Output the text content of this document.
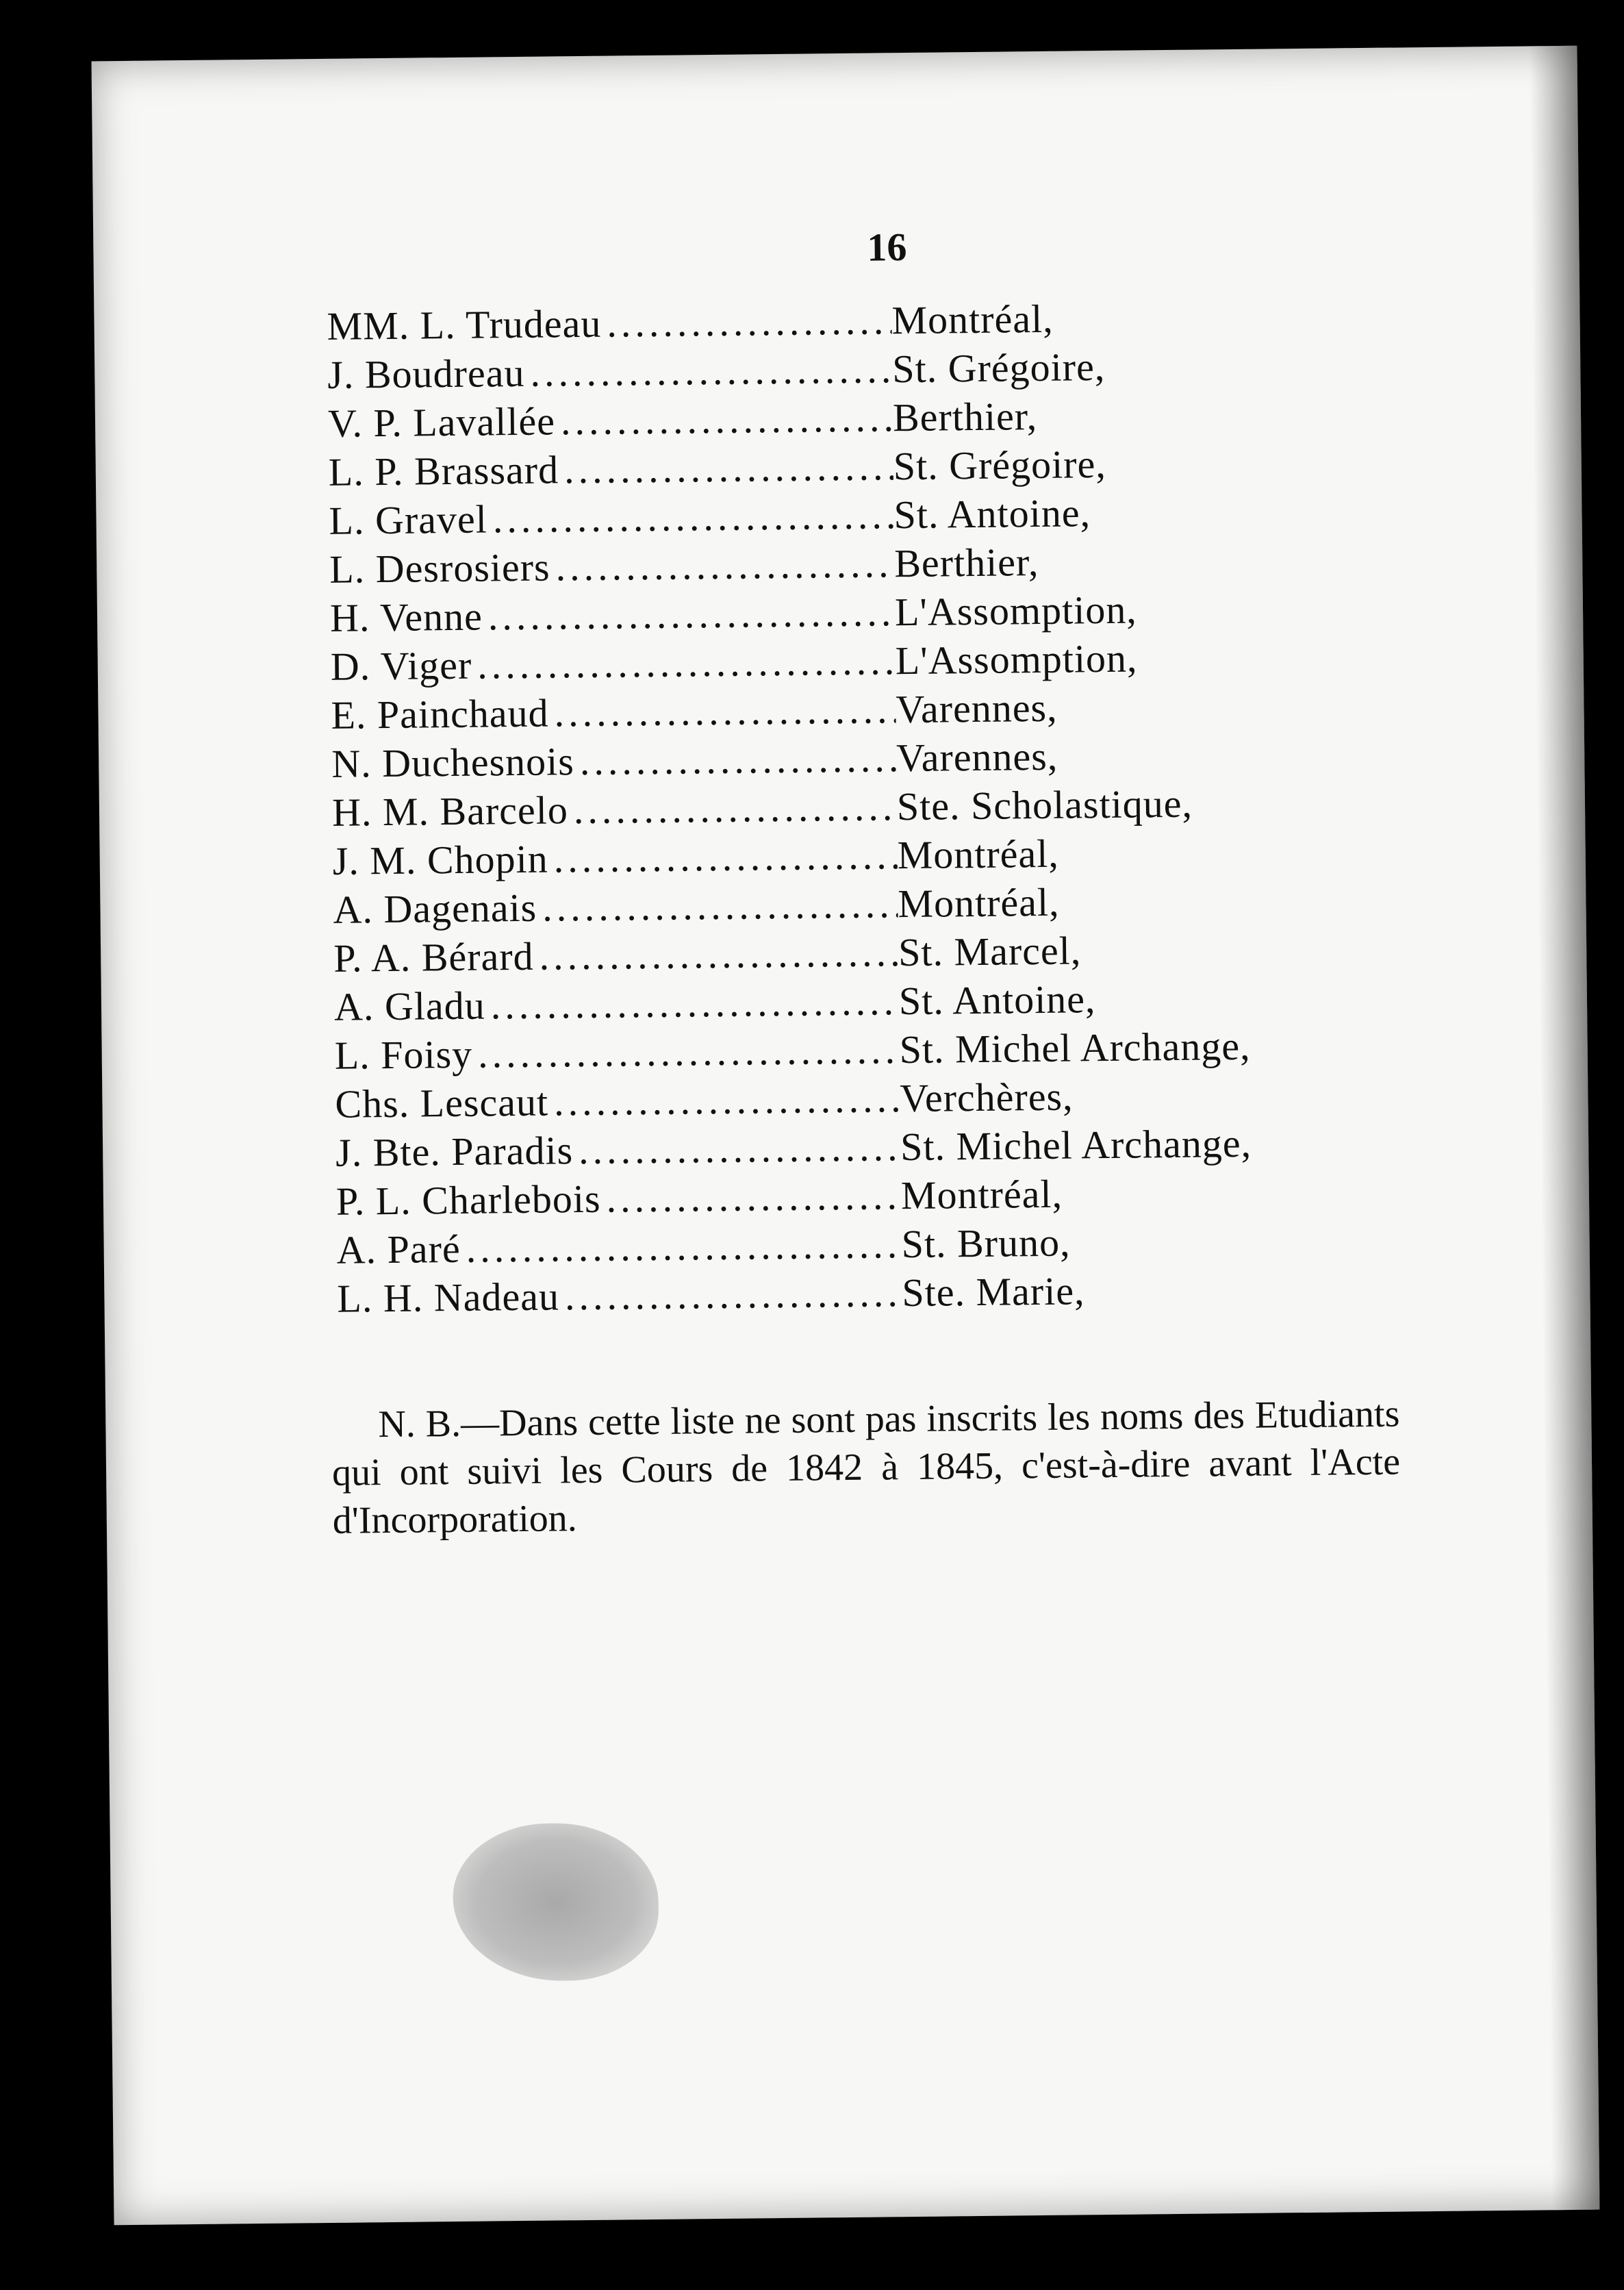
16
MM. L. Trudeau .....	Montréal,
J. Boudreau .....	St. Grégoire,
V. P. Lavallée .....	Berthier,
L. P. Brassard .....	St. Grégoire,
L. Gravel .....	St. Antoine,
L. Desrosiers .....	Berthier,
H. Venne .....	L'Assomption,
D. Viger .....	L'Assomption,
E. Painchaud .....	Varennes,
N. Duchesnois .....	Varennes,
H. M. Barcelo .....	Ste. Scholastique,
J. M. Chopin .....	Montréal,
A. Dagenais .....	Montréal,
P. A. Bérard .....	St. Marcel,
A. Gladu .....	St. Antoine,
L. Foisy .....	St. Michel Archange,
Chs. Lescaut .....	Verchères,
J. Bte. Paradis .....	St. Michel Archange,
P. L. Charlebois .....	Montréal,
A. Paré .....	St. Bruno,
L. H. Nadeau .....	Ste. Marie,
N. B.—Dans cette liste ne sont pas inscrits les noms des Etudiants qui ont suivi les Cours de 1842 à 1845, c'est-à-dire avant l'Acte d'Incorporation.
